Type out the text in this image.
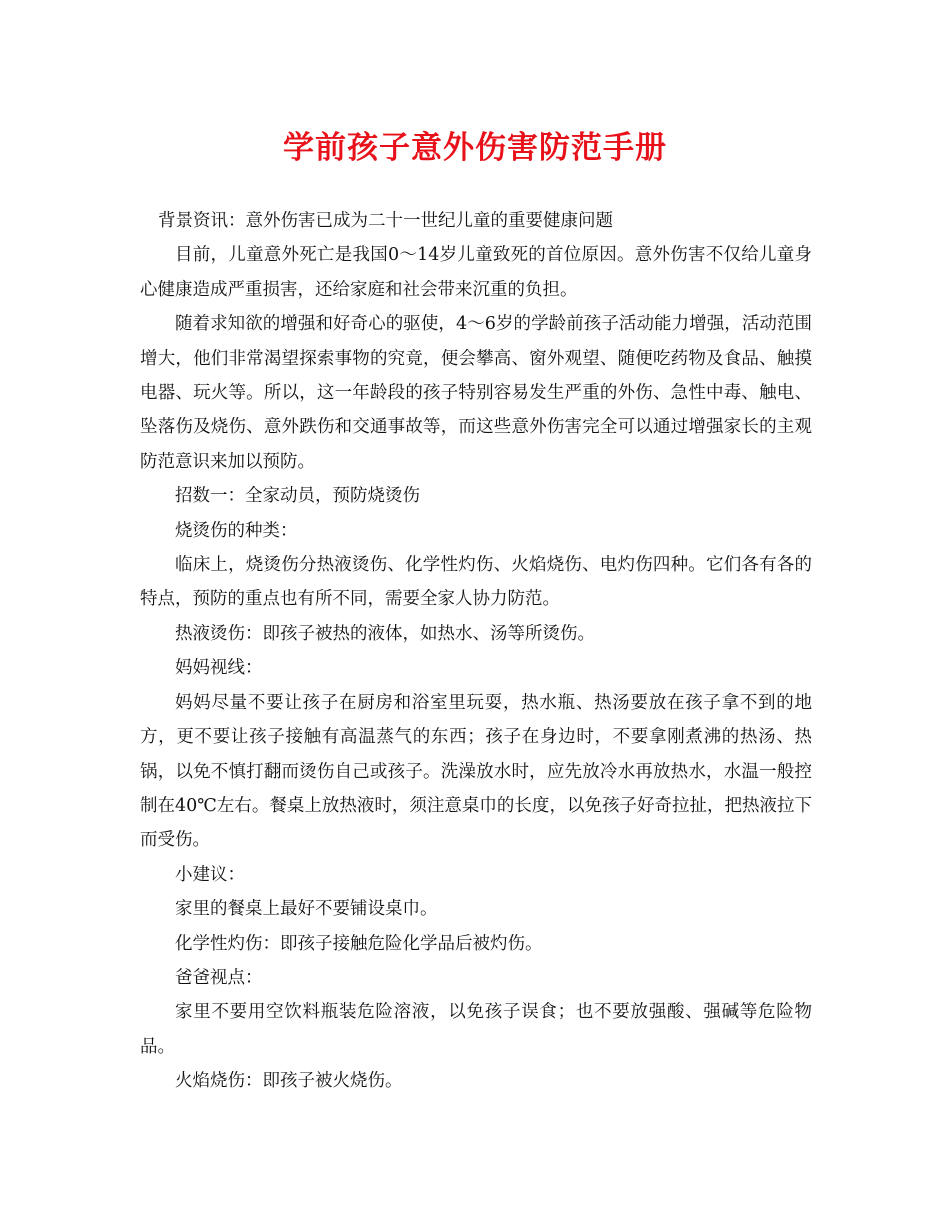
学前孩子意外伤害防范手册

背景资讯：意外伤害已成为二十一世纪儿童的重要健康问题

目前，儿童意外死亡是我国0～14岁儿童致死的首位原因。意外伤害不仅给儿童身心健康造成严重损害，还给家庭和社会带来沉重的负担。

随着求知欲的增强和好奇心的驱使，4～6岁的学龄前孩子活动能力增强，活动范围增大，他们非常渴望探索事物的究竟，便会攀高、窗外观望、随便吃药物及食品、触摸电器、玩火等。所以，这一年龄段的孩子特别容易发生严重的外伤、急性中毒、触电、坠落伤及烧伤、意外跌伤和交通事故等，而这些意外伤害完全可以通过增强家长的主观防范意识来加以预防。

招数一：全家动员，预防烧烫伤

烧烫伤的种类：

临床上，烧烫伤分热液烫伤、化学性灼伤、火焰烧伤、电灼伤四种。它们各有各的特点，预防的重点也有所不同，需要全家人协力防范。

热液烫伤：即孩子被热的液体，如热水、汤等所烫伤。

妈妈视线：

妈妈尽量不要让孩子在厨房和浴室里玩耍，热水瓶、热汤要放在孩子拿不到的地方，更不要让孩子接触有高温蒸气的东西；孩子在身边时，不要拿刚煮沸的热汤、热锅，以免不慎打翻而烫伤自己或孩子。洗澡放水时，应先放冷水再放热水，水温一般控制在40℃左右。餐桌上放热液时，须注意桌巾的长度，以免孩子好奇拉扯，把热液拉下而受伤。

小建议：

家里的餐桌上最好不要铺设桌巾。

化学性灼伤：即孩子接触危险化学品后被灼伤。

爸爸视点：

家里不要用空饮料瓶装危险溶液，以免孩子误食；也不要放强酸、强碱等危险物品。

火焰烧伤：即孩子被火烧伤。
